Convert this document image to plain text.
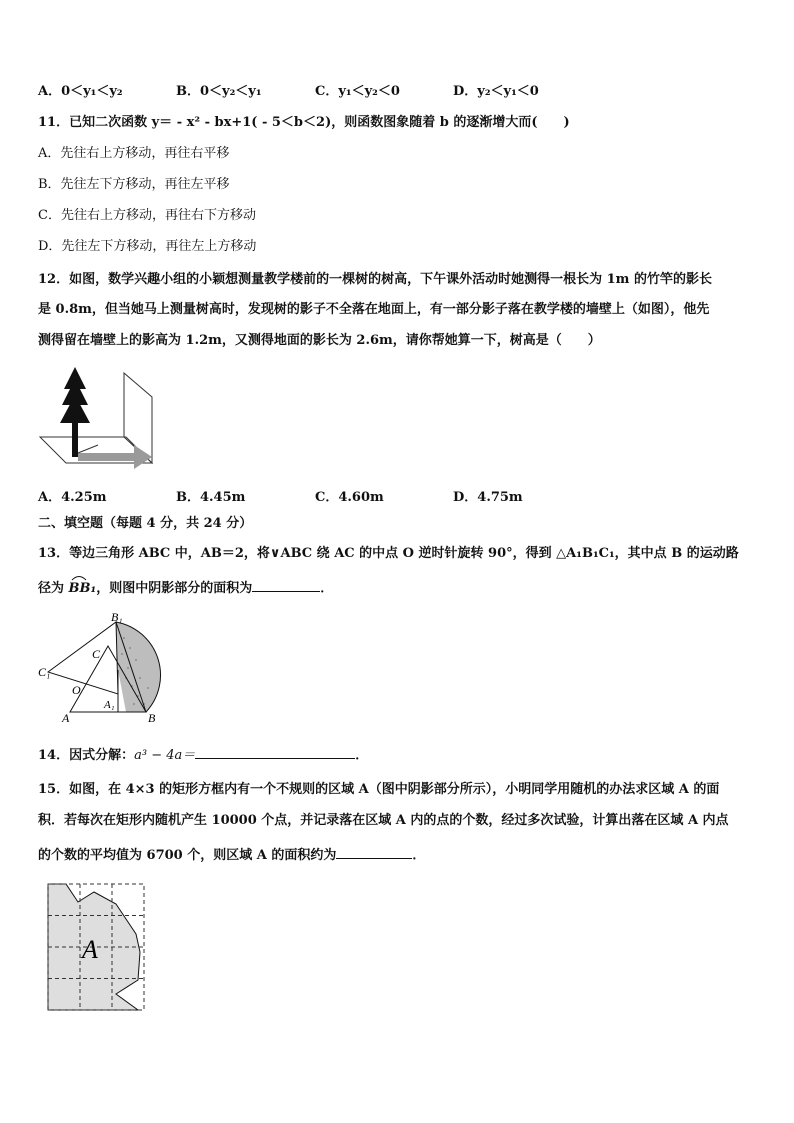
A．0＜y₁＜y₂	B．0＜y₂＜y₁	C．y₁＜y₂＜0	D．y₂＜y₁＜0
11．已知二次函数 y＝ - x² - bx+1( - 5＜b＜2)，则函数图象随着 b 的逐渐增大而(　　)
A．先往右上方移动，再往右平移
B．先往左下方移动，再往左平移
C．先往右上方移动，再往右下方移动
D．先往左下方移动，再往左上方移动
12．如图，数学兴趣小组的小颖想测量教学楼前的一棵树的树高，下午课外活动时她测得一根长为 1m 的竹竿的影长
是 0.8m，但当她马上测量树高时，发现树的影子不全落在地面上，有一部分影子落在教学楼的墙壁上（如图），他先
测得留在墙壁上的影高为 1.2m，又测得地面的影长为 2.6m，请你帮她算一下，树高是（　　）
A．4.25m	B．4.45m	C．4.60m	D．4.75m
二、填空题（每题 4 分，共 24 分）
13．等边三角形 ABC 中，AB＝2，将∨ABC 绕 AC 的中点 O 逆时针旋转 90°，得到 △A₁B₁C₁，其中点 B 的运动路
径为
BB₁，则图中阴影部分的面积为	．
B₁
C
C₁
O
A
A₁
B
14．因式分解：a³ − 4a＝	．
15．如图，在 4×3 的矩形方框内有一个不规则的区域 A（图中阴影部分所示），小明同学用随机的办法求区域 A 的面
积．若每次在矩形内随机产生 10000 个点，并记录落在区域 A 内的点的个数，经过多次试验，计算出落在区域 A 内点
的个数的平均值为 6700 个，则区域 A 的面积约为	．
A
